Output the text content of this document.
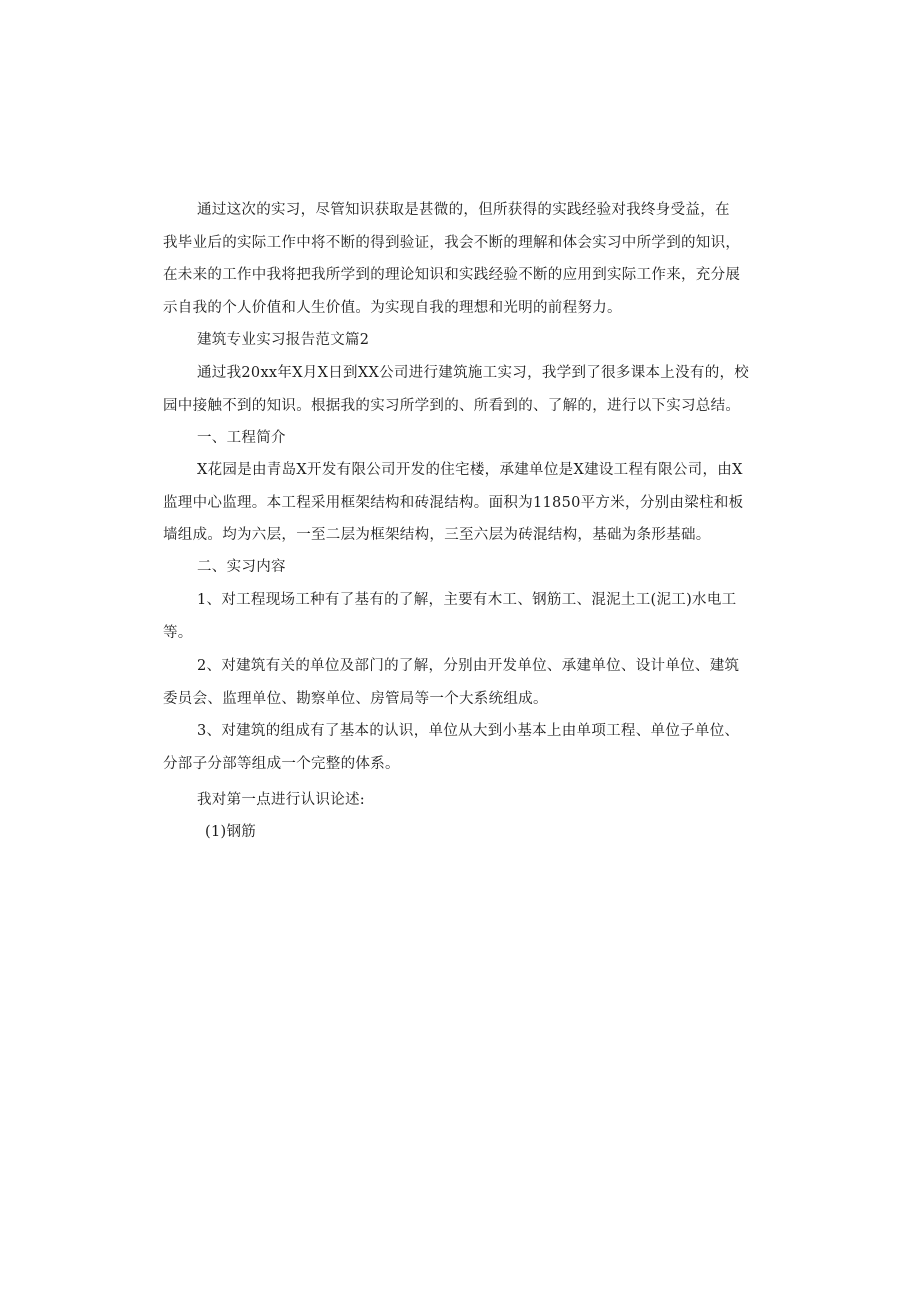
通过这次的实习，尽管知识获取是甚微的，但所获得的实践经验对我终身受益，在
我毕业后的实际工作中将不断的得到验证，我会不断的理解和体会实习中所学到的知识，
在未来的工作中我将把我所学到的理论知识和实践经验不断的应用到实际工作来，充分展
示自我的个人价值和人生价值。为实现自我的理想和光明的前程努力。
建筑专业实习报告范文篇2
通过我20xx年X月X日到XX公司进行建筑施工实习，我学到了很多课本上没有的，校
园中接触不到的知识。根据我的实习所学到的、所看到的、了解的，进行以下实习总结。
一、工程简介
X花园是由青岛X开发有限公司开发的住宅楼，承建单位是X建设工程有限公司，由X
监理中心监理。本工程采用框架结构和砖混结构。面积为11850平方米，分别由梁柱和板
墙组成。均为六层，一至二层为框架结构，三至六层为砖混结构，基础为条形基础。
二、实习内容
1、对工程现场工种有了基有的了解，主要有木工、钢筋工、混泥土工(泥工)水电工
等。
2、对建筑有关的单位及部门的了解，分别由开发单位、承建单位、设计单位、建筑
委员会、监理单位、勘察单位、房管局等一个大系统组成。
3、对建筑的组成有了基本的认识，单位从大到小基本上由单项工程、单位子单位、
分部子分部等组成一个完整的体系。
我对第一点进行认识论述:
(1)钢筋
